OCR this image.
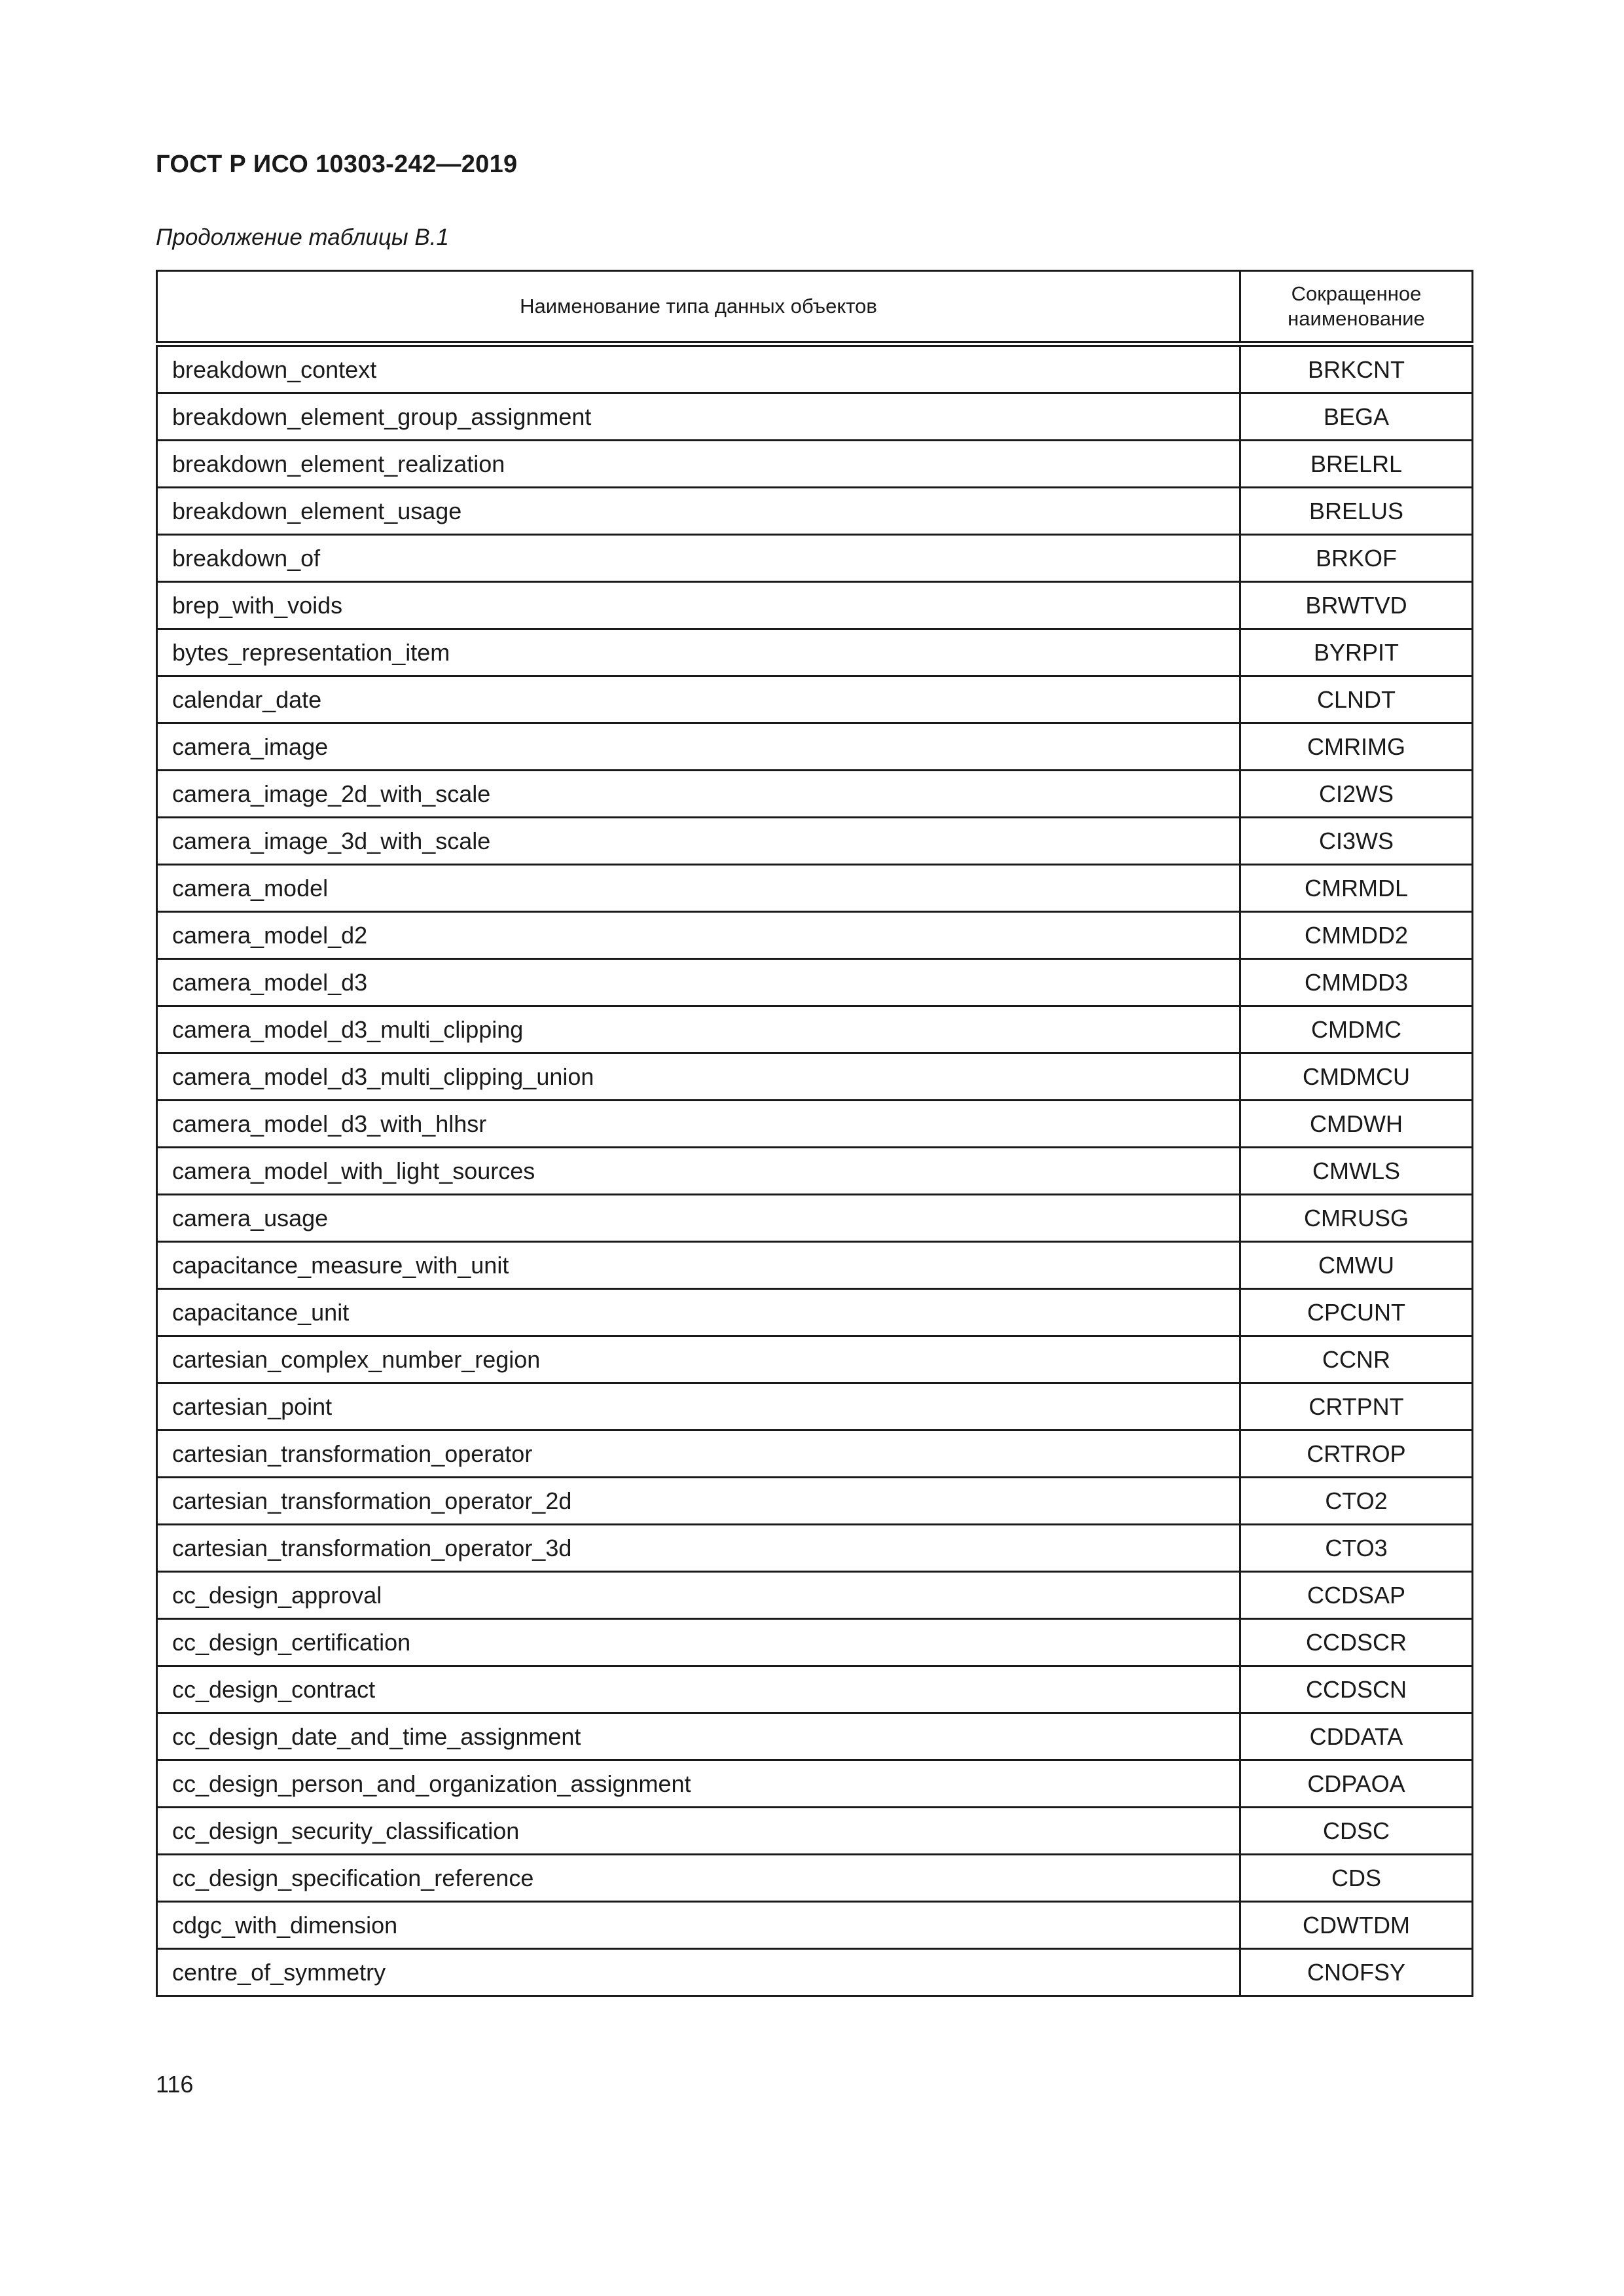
ГОСТ Р ИСО 10303-242—2019
Продолжение таблицы B.1
Наименование типа данных объектов	Сокращенное наименование
breakdown_context	BRKCNT
breakdown_element_group_assignment	BEGA
breakdown_element_realization	BRELRL
breakdown_element_usage	BRELUS
breakdown_of	BRKOF
brep_with_voids	BRWTVD
bytes_representation_item	BYRPIT
calendar_date	CLNDT
camera_image	CMRIMG
camera_image_2d_with_scale	CI2WS
camera_image_3d_with_scale	CI3WS
camera_model	CMRMDL
camera_model_d2	CMMDD2
camera_model_d3	CMMDD3
camera_model_d3_multi_clipping	CMDMC
camera_model_d3_multi_clipping_union	CMDMCU
camera_model_d3_with_hlhsr	CMDWH
camera_model_with_light_sources	CMWLS
camera_usage	CMRUSG
capacitance_measure_with_unit	CMWU
capacitance_unit	CPCUNT
cartesian_complex_number_region	CCNR
cartesian_point	CRTPNT
cartesian_transformation_operator	CRTROP
cartesian_transformation_operator_2d	CTO2
cartesian_transformation_operator_3d	CTO3
cc_design_approval	CCDSAP
cc_design_certification	CCDSCR
cc_design_contract	CCDSCN
cc_design_date_and_time_assignment	CDDATA
cc_design_person_and_organization_assignment	CDPAOA
cc_design_security_classification	CDSC
cc_design_specification_reference	CDS
cdgc_with_dimension	CDWTDM
centre_of_symmetry	CNOFSY
116
